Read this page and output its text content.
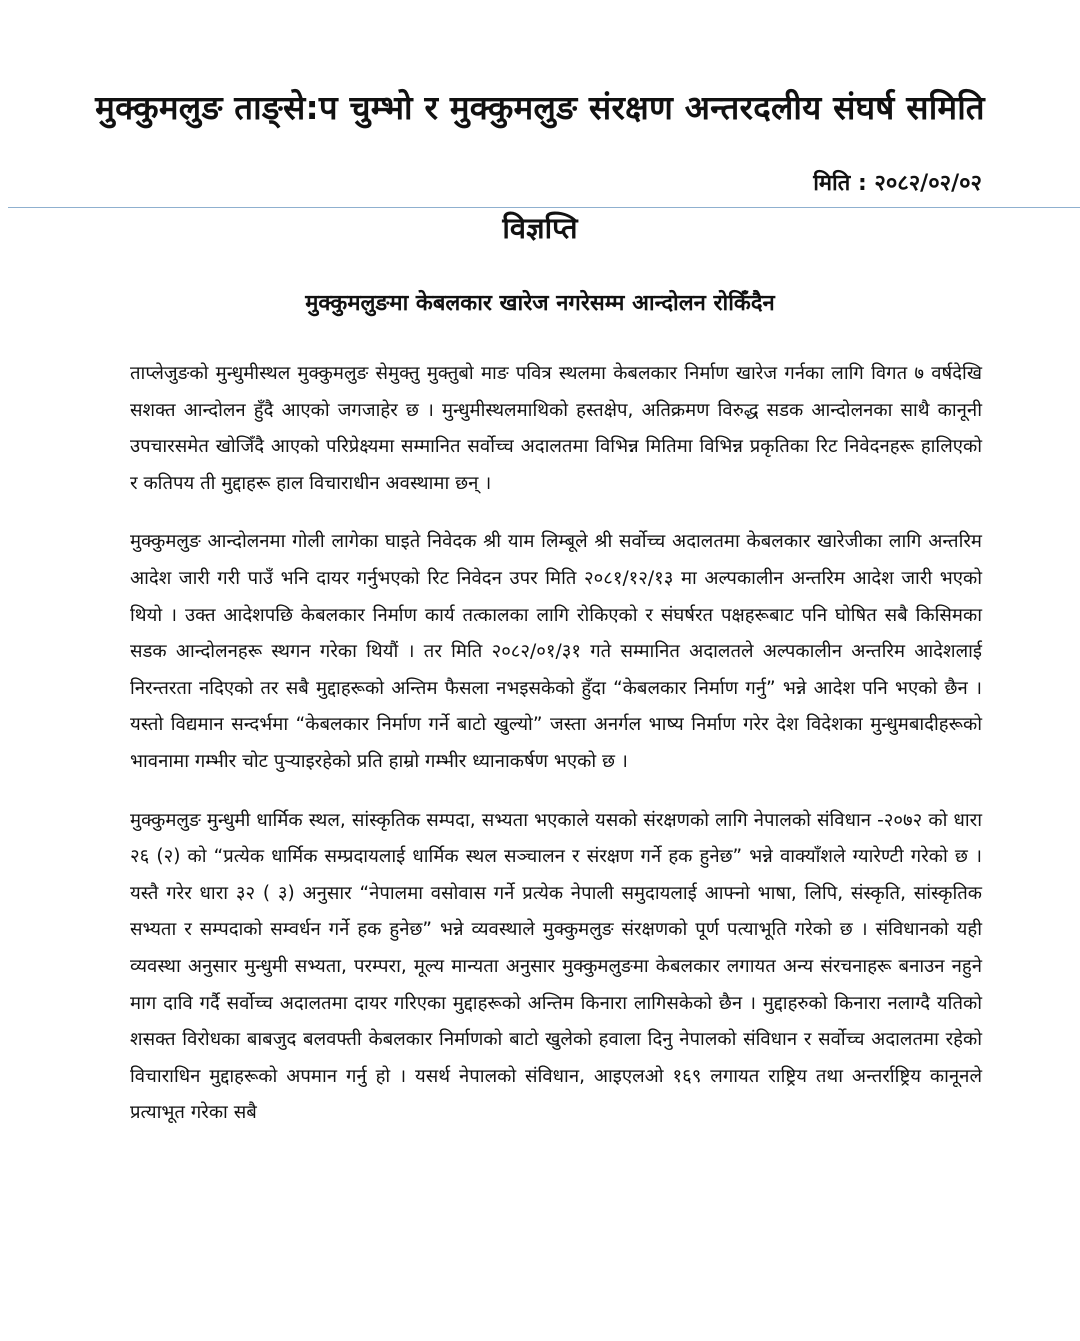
मुक्कुमलुङ ताङ्से:प चुम्भो र मुक्कुमलुङ संरक्षण अन्तरदलीय संघर्ष समिति
मिति : २०८२/०२/०२
विज्ञप्ति
मुक्कुमलुङमा केबलकार खारेज नगरेसम्म आन्दोलन रोकिँदैन

ताप्लेजुङको मुन्धुमीस्थल मुक्कुमलुङ सेमुक्तु मुक्तुबो माङ पवित्र स्थलमा केबलकार निर्माण खारेज गर्नका लागि विगत ७ वर्षदेखि सशक्त आन्दोलन हुँदै आएको जगजाहेर छ । मुन्धुमीस्थलमाथिको हस्तक्षेप, अतिक्रमण विरुद्ध सडक आन्दोलनका साथै कानूनी उपचारसमेत खोजिँदै आएको परिप्रेक्ष्यमा सम्मानित सर्वोच्च अदालतमा विभिन्न मितिमा विभिन्न प्रकृतिका रिट निवेदनहरू हालिएको र कतिपय ती मुद्दाहरू हाल विचाराधीन अवस्थामा छन् ।

मुक्कुमलुङ आन्दोलनमा गोली लागेका घाइते निवेदक श्री याम लिम्बूले श्री सर्वोच्च अदालतमा केबलकार खारेजीका लागि अन्तरिम आदेश जारी गरी पाउँ भनि दायर गर्नुभएको रिट निवेदन उपर मिति २०८१/१२/१३ मा अल्पकालीन अन्तरिम आदेश जारी भएको थियो । उक्त आदेशपछि केबलकार निर्माण कार्य तत्कालका लागि रोकिएको र संघर्षरत पक्षहरूबाट पनि घोषित सबै किसिमका सडक आन्दोलनहरू स्थगन गरेका थियौं । तर मिति २०८२/०१/३१ गते सम्मानित अदालतले अल्पकालीन अन्तरिम आदेशलाई निरन्तरता नदिएको तर सबै मुद्दाहरूको अन्तिम फैसला नभइसकेको हुँदा “केबलकार निर्माण गर्नु” भन्ने आदेश पनि भएको छैन । यस्तो विद्यमान सन्दर्भमा “केबलकार निर्माण गर्ने बाटो खुल्यो” जस्ता अनर्गल भाष्य निर्माण गरेर देश विदेशका मुन्धुमबादीहरूको भावनामा गम्भीर चोट पुर्‍याइरहेको प्रति हाम्रो गम्भीर ध्यानाकर्षण भएको छ ।

मुक्कुमलुङ मुन्धुमी धार्मिक स्थल, सांस्कृतिक सम्पदा, सभ्यता भएकाले यसको संरक्षणको लागि नेपालको संविधान -२०७२ को धारा २६ (२) को “प्रत्येक धार्मिक सम्प्रदायलाई धार्मिक स्थल सञ्चालन र संरक्षण गर्ने हक हुनेछ” भन्ने वाक्याँशले ग्यारेण्टी गरेको छ । यस्तै गरेर धारा ३२ ( ३) अनुसार “नेपालमा वसोवास गर्ने प्रत्येक नेपाली समुदायलाई आफ्नो भाषा, लिपि, संस्कृति, सांस्कृतिक सभ्यता र सम्पदाको सम्वर्धन गर्ने हक हुनेछ” भन्ने व्यवस्थाले मुक्कुमलुङ संरक्षणको पूर्ण पत्याभूति गरेको छ । संविधानको यही व्यवस्था अनुसार मुन्धुमी सभ्यता, परम्परा, मूल्य मान्यता अनुसार मुक्कुमलुङमा केबलकार लगायत अन्य संरचनाहरू बनाउन नहुने माग दावि गर्दै सर्वोच्च अदालतमा दायर गरिएका मुद्दाहरूको अन्तिम किनारा लागिसकेको छैन । मुद्दाहरुको किनारा नलाग्दै यतिको शसक्त विरोधका बाबजुद बलवफ्ती केबलकार निर्माणको बाटो खुलेको हवाला दिनु नेपालको संविधान र सर्वोच्च अदालतमा रहेको विचाराधिन मुद्दाहरूको अपमान गर्नु हो । यसर्थ नेपालको संविधान, आइएलओ १६९ लगायत राष्ट्रिय तथा अन्तर्राष्ट्रिय कानूनले प्रत्याभूत गरेका सबै
